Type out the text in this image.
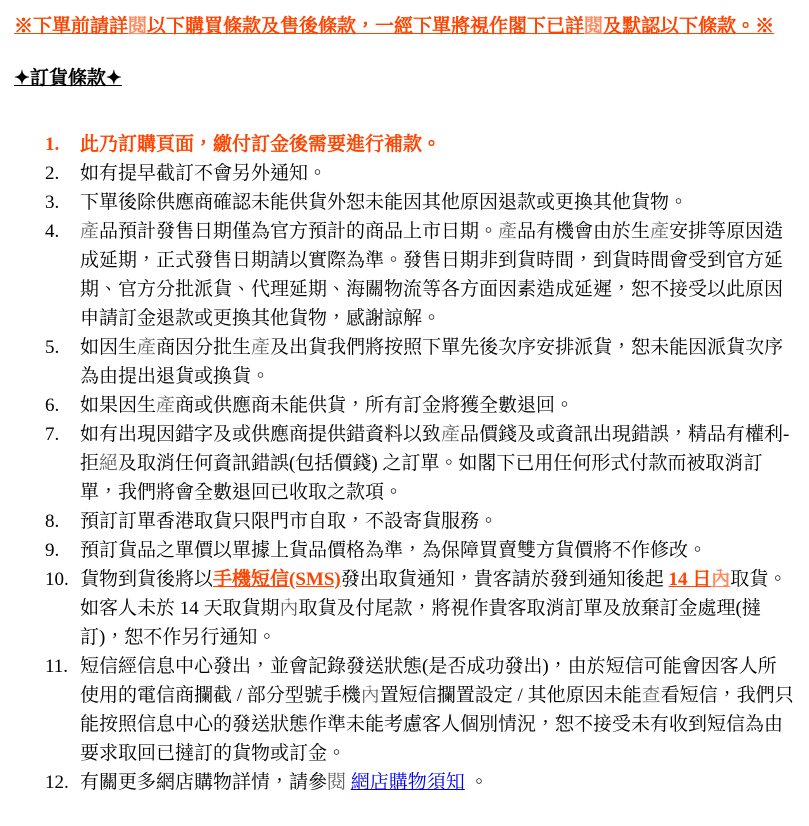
※下單前請詳閱以下購買條款及售後條款，一經下單將視作閣下已詳閱及默認以下條款。※
✦訂貨條款✦
1.	此乃訂購頁面，繳付訂金後需要進行補款。
2.	如有提早截訂不會另外通知。
3.	下單後除供應商確認未能供貨外恕未能因其他原因退款或更換其他貨物。
4.	產品預計發售日期僅為官方預計的商品上市日期。產品有機會由於生產安排等原因造成延期，正式發售日期請以實際為準。發售日期非到貨時間，到貨時間會受到官方延期、官方分批派貨、代理延期、海關物流等各方面因素造成延遲，恕不接受以此原因申請訂金退款或更換其他貨物，感謝諒解。
5.	如因生產商因分批生產及出貨我們將按照下單先後次序安排派貨，恕未能因派貨次序為由提出退貨或換貨。
6.	如果因生產商或供應商未能供貨，所有訂金將獲全數退回。
7.	如有出現因錯字及或供應商提供錯資料以致產品價錢及或資訊出現錯誤，精品有權利-拒絕及取消任何資訊錯誤(包括價錢) 之訂單。如閣下已用任何形式付款而被取消訂單，我們將會全數退回已收取之款項。
8.	預訂訂單香港取貨只限門市自取，不設寄貨服務。
9.	預訂貨品之單價以單據上貨品價格為準，為保障買賣雙方貨價將不作修改。
10. 貨物到貨後將以手機短信(SMS)發出取貨通知，貴客請於發到通知後起 14 日內取貨。如客人未於 14 天取貨期內取貨及付尾款，將視作貴客取消訂單及放棄訂金處理(撻訂)，恕不作另行通知。
11. 短信經信息中心發出，並會記錄發送狀態(是否成功發出)，由於短信可能會因客人所使用的電信商攔截 / 部分型號手機內置短信攔置設定 / 其他原因未能查看短信，我們只能按照信息中心的發送狀態作準未能考慮客人個別情況，恕不接受未有收到短信為由要求取回已撻訂的貨物或訂金。
12. 有關更多網店購物詳情，請參閱 網店購物須知 。
